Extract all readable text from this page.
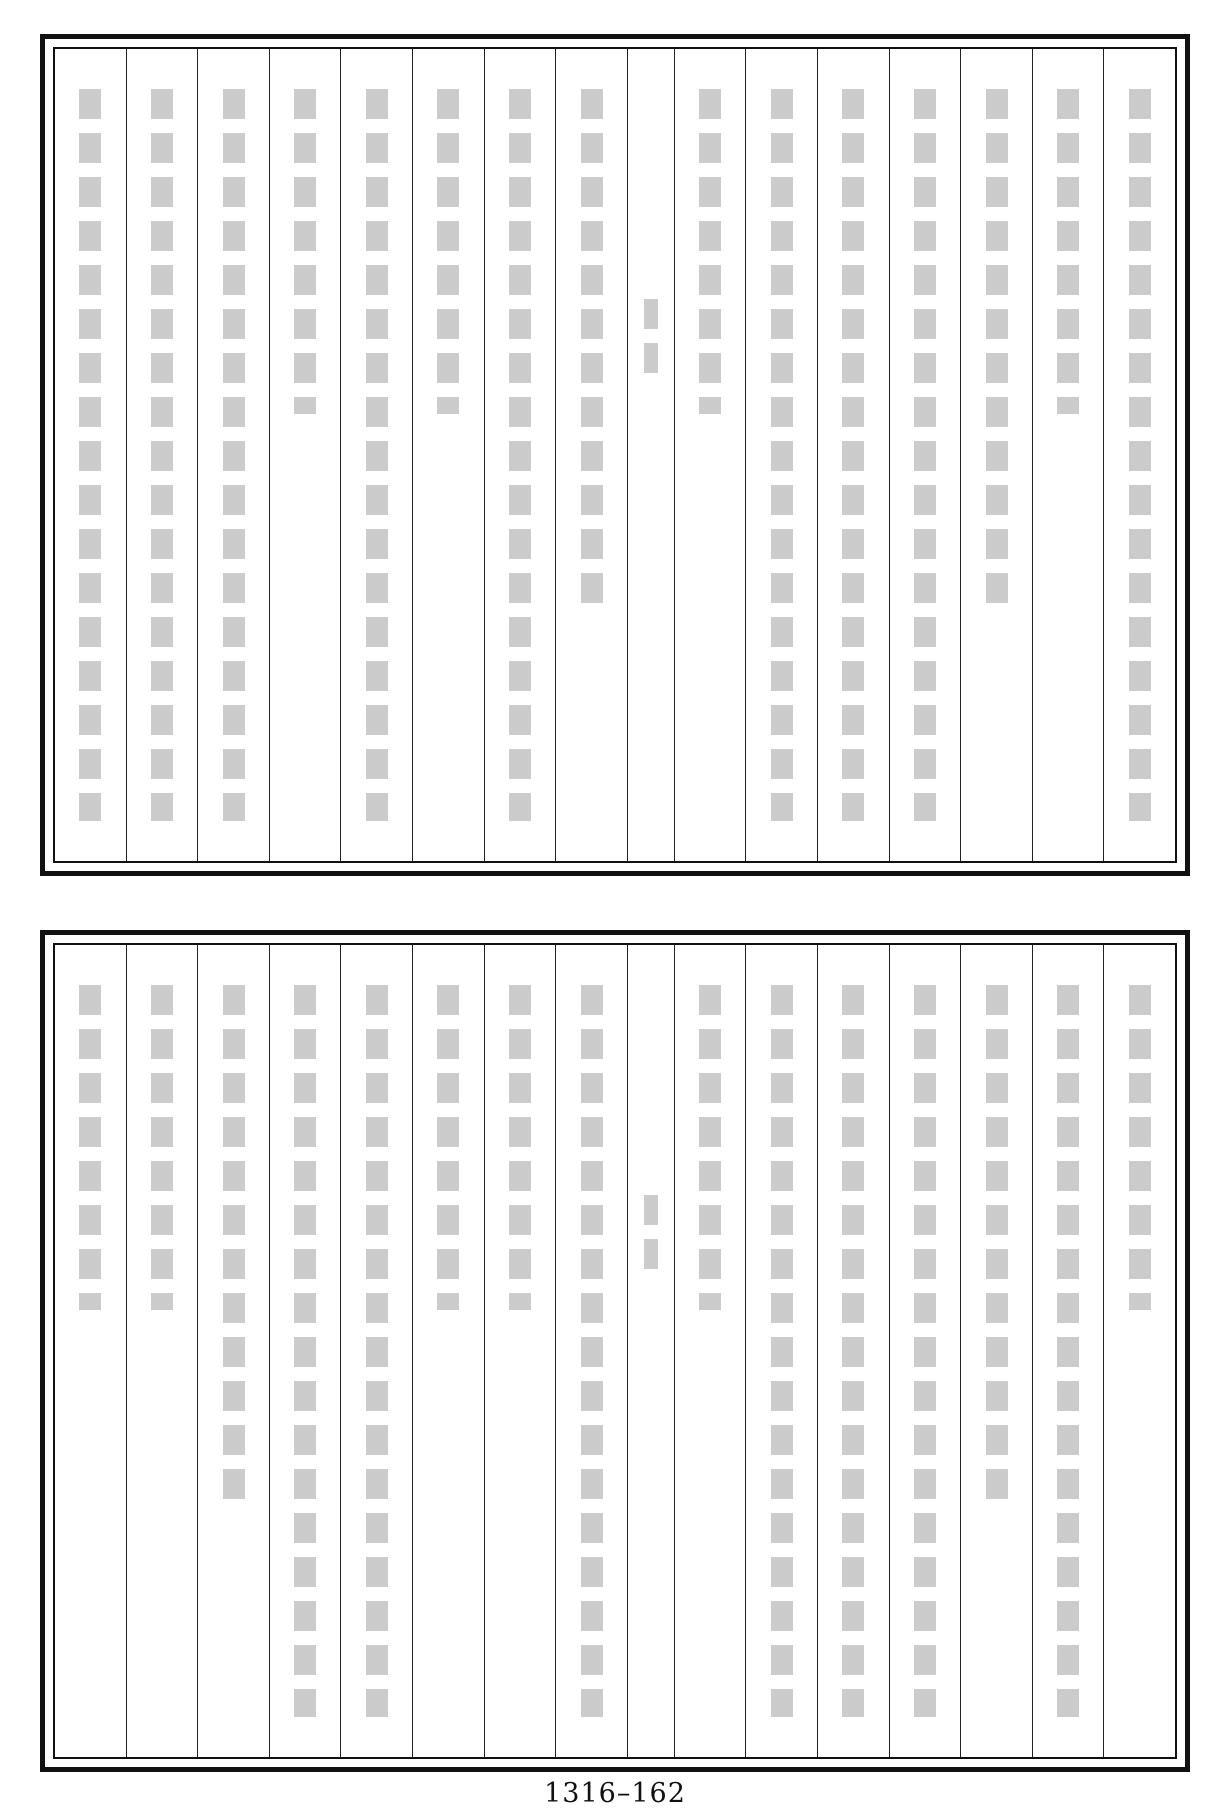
1316–162
